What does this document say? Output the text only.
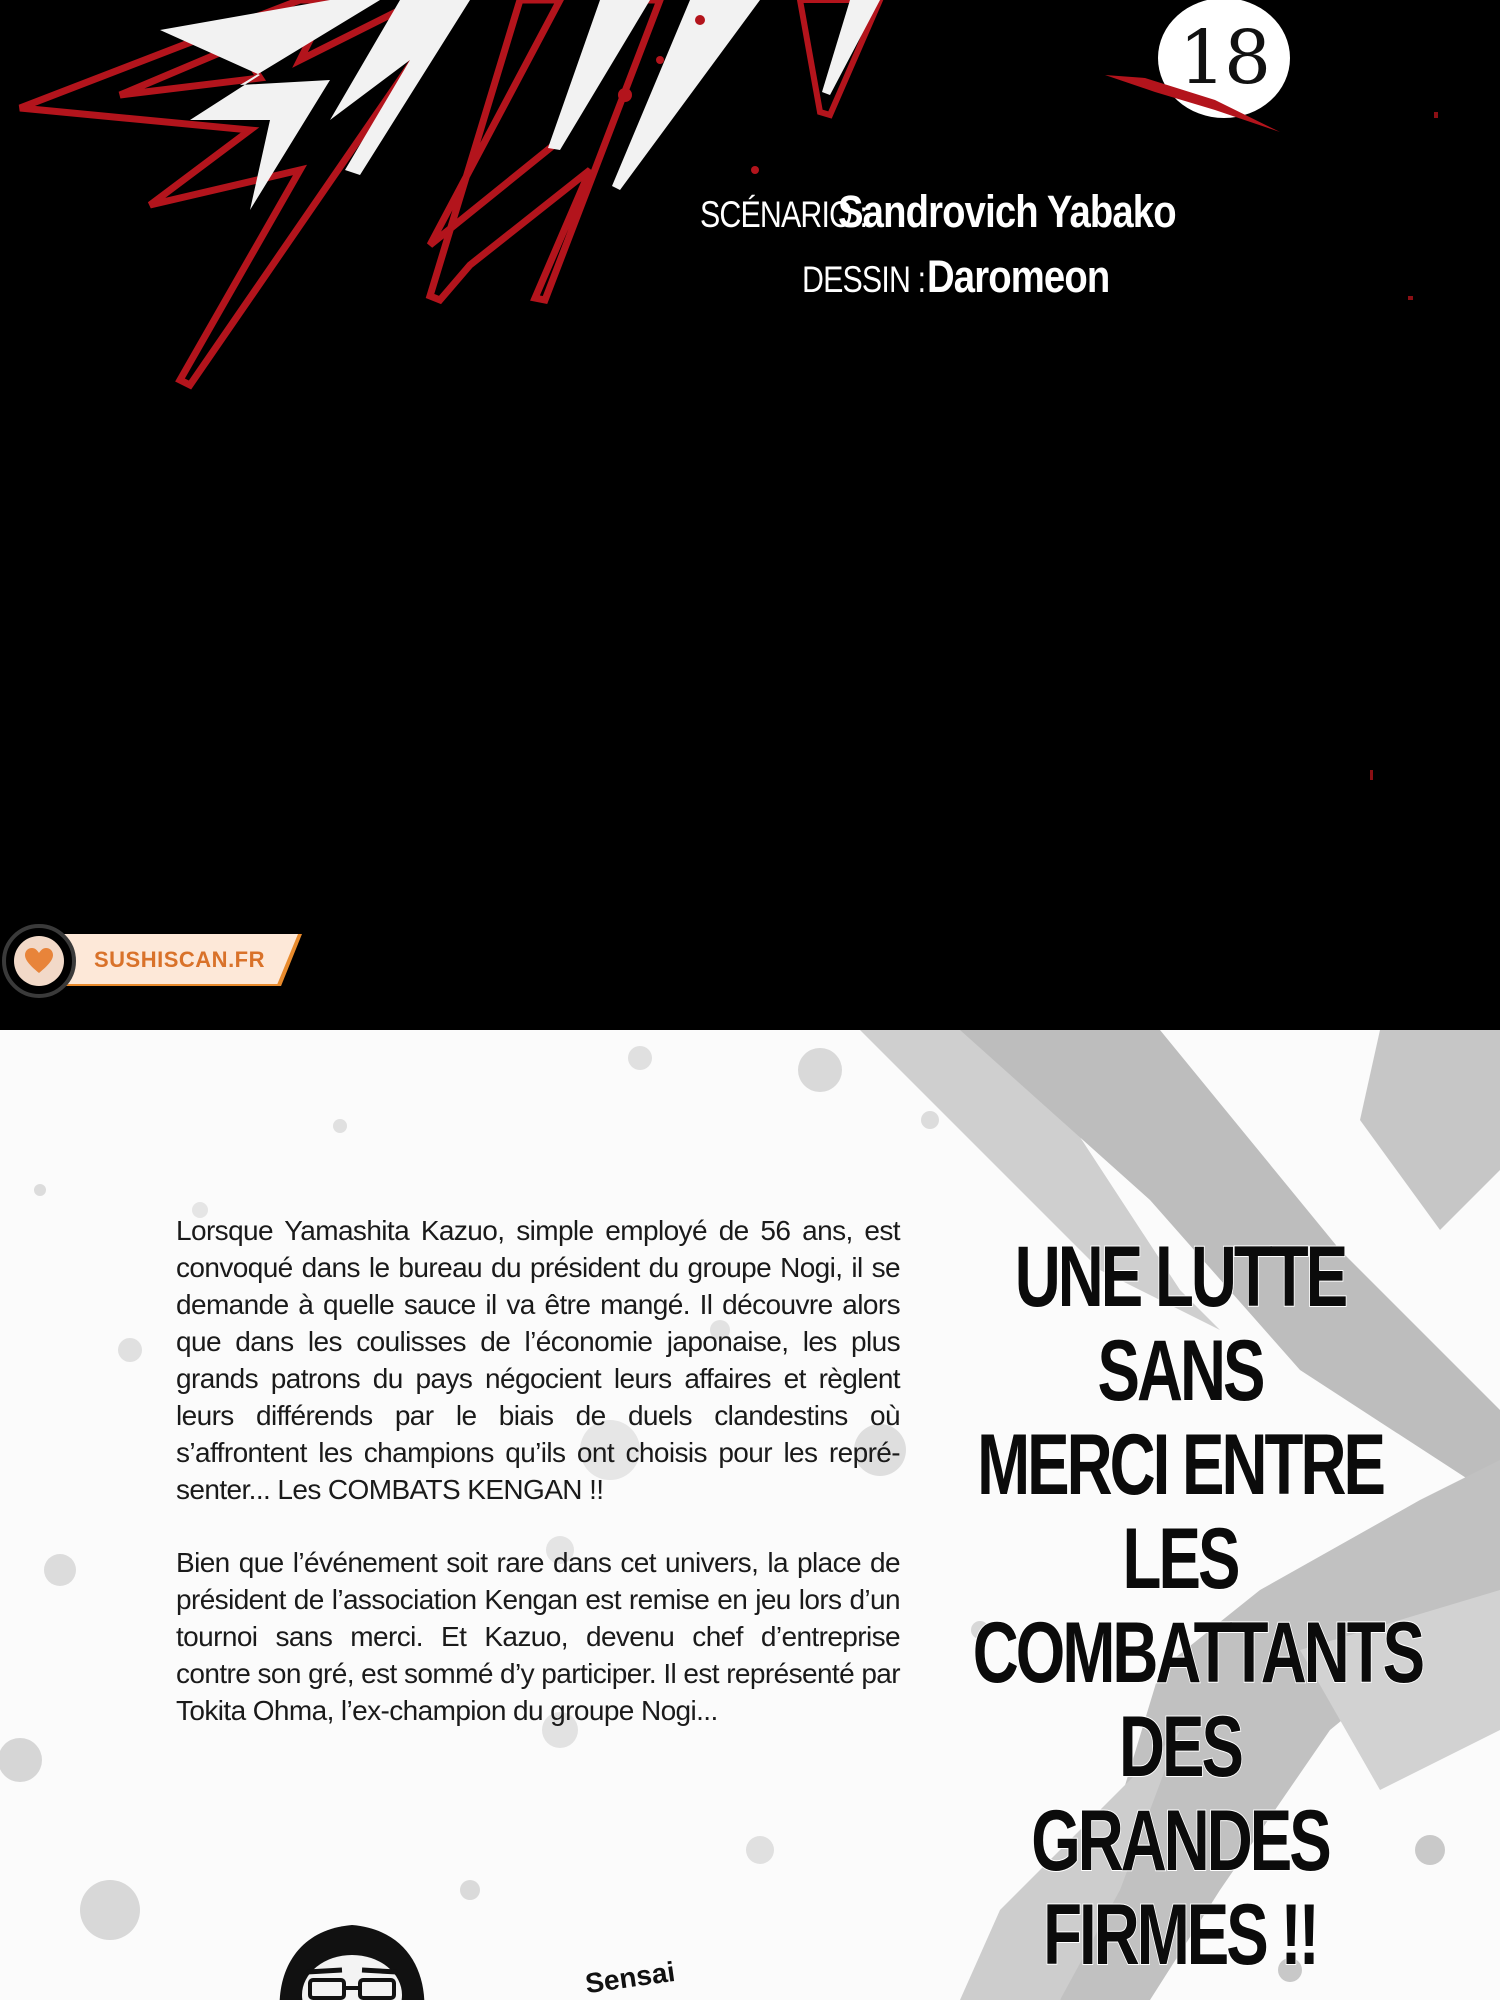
18
SCÉNARIO : Sandrovich Yabako
DESSIN : Daromeon
SUSHISCAN.FR

Lorsque Yamashita Kazuo, simple employé de 56 ans, est convoqué dans le bureau du président du groupe Nogi, il se demande à quelle sauce il va être mangé. Il découvre alors que dans les coulisses de l’économie japonaise, les plus grands patrons du pays négocient leurs affaires et règlent leurs différends par le biais de duels clandestins où s’affrontent les champions qu’ils ont choisis pour les repré-senter... Les COMBATS KENGAN !!

Bien que l’événement soit rare dans cet univers, la place de président de l’association Kengan est remise en jeu lors d’un tournoi sans merci. Et Kazuo, devenu chef d’entreprise contre son gré, est sommé d’y participer. Il est représenté par Tokita Ohma, l’ex-champion du groupe Nogi...

UNE LUTTE SANS
MERCI ENTRE LES
COMBATTANTS
DES GRANDES
FIRMES !!
Sensai
